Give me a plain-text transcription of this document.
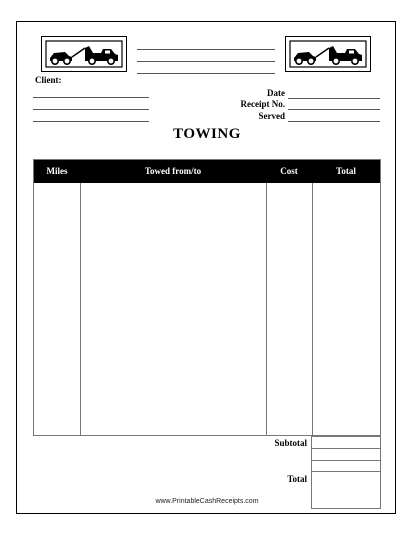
Client:
Date
Receipt No.
Served
TOWING
Miles	Towed from/to	Cost	Total
Subtotal
Total
www.PrintableCashReceipts.com
